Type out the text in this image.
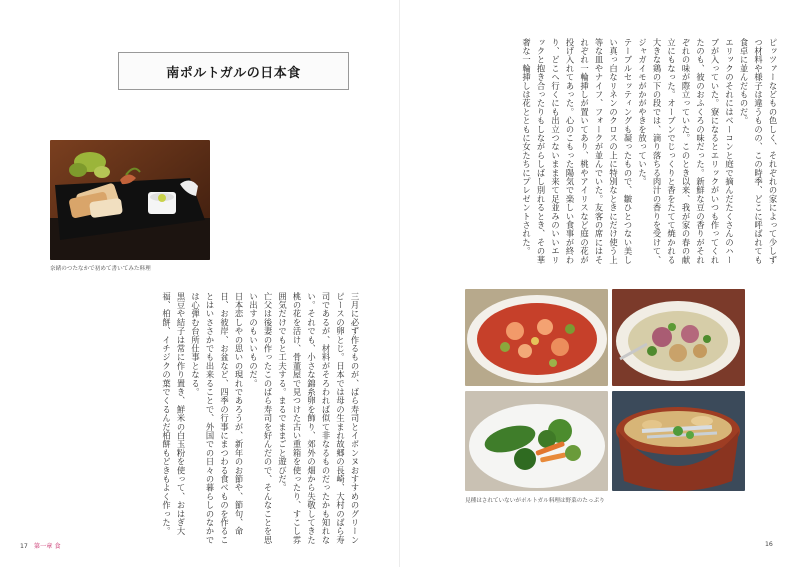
南ポルトガルの日本食
奈緒のつたなかで初めて書いてみた料理

三月に必ず作るものが、ばら寿司とイボンヌおすすめのグリーンピースの卵とじ。日本では母の生まれ故郷の長崎、大村のばら寿司であるが、材料がそろわれば似て非なるものだったかも知れない。それでも、小さな錦糸卵を飾り、郊外の畑から失敬してきた桃の花を活け、骨董屋で見つけた古い重箱を使ったり、すこし雰囲気だけでもと工夫する。まるでままごと遊びだ。

亡父は後妻の作ったこのばら寿司を好んだので、そんなことを思い出すのもいいものだ。

日本恋しやの思いの現れであろうが、新年のお節や、節句、命日、お彼岸、お盆など、四季の行事にまつわる食べものを作ることはいささかでも出来ることで、外国での日々の暮らしのなかでは心弾む台所仕事となる。

黒豆や結子は常に作り置き、鮮米の白玉粉を使って、おはぎ大福、柏餅、イチジクの葉でくるんだ柏餅もどきもよく作った。

17 第一章 食

ピッツァーなどもの色しく、それぞれの家によって少しずつ材料や様子は違うものの、この時季、どこに呼ばれても食卓に並んだものだ。

エリックのそれにはベーコンと庭で摘んだたくさんのハーブが入っていた。寮になるとエリックがいつも作ってくれたのも、彼のおふくろの味だった。新鮮な豆の香りがそれぞれの味が際立っていた。このとき以来、我が家の春の献立にもなった。オーブンでじっくりと香をたてて焼かれる大きな鶏の下の段では、滴り落ちる肉汁の香りを受けて、ジャガイモがかがやきを放っていた。

テーブルセッティングも凝ったもので、皺ひとつない美しい真っ白なリネンのクロスの上に特別なときにだけ使う上等な皿やナイフ、フォークが並んでいた。友客の席にはそれぞれ一輪挿しが置いてあり、桃やアイリスなど庭の花が投げ入れてあった。心のこもった陽気で楽しい食事が終わり、どこへ行くにも出立つないまま来て足並みのいいエリックと抱き合ったりもしながらしばし別れるとき、その華奢な一輪挿しは花とともに女たちにプレゼントされた。

見種はされていないがポルトガル料理は野菜のたっぷり
16
